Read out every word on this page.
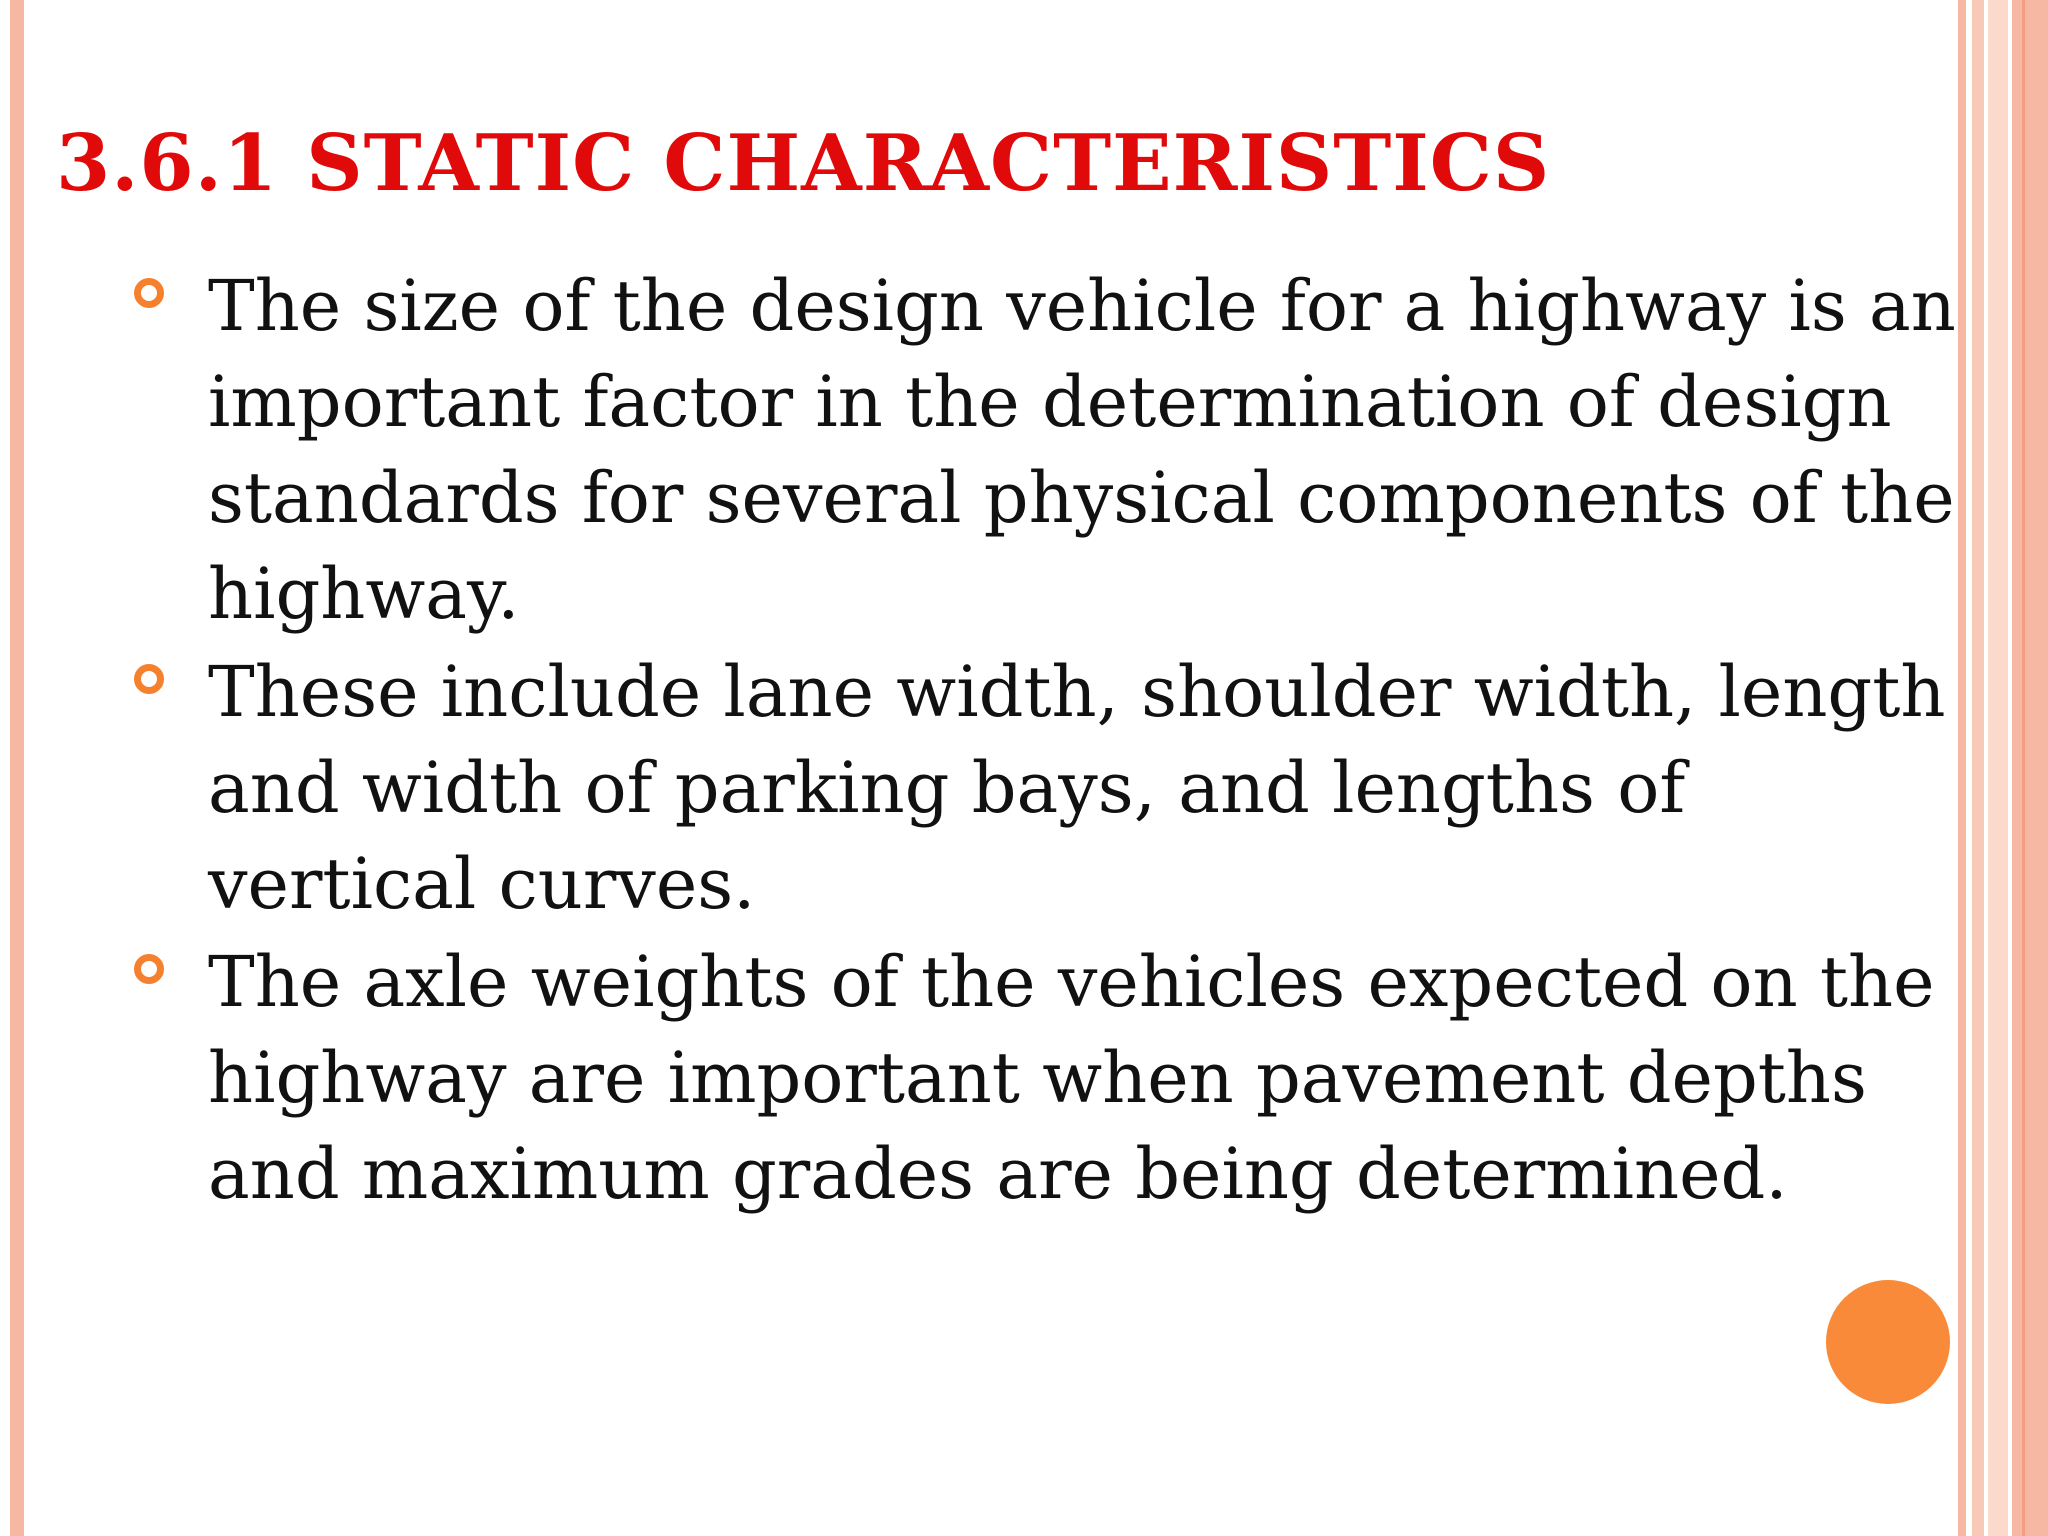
3.6.1 STATIC CHARACTERISTICS
The size of the design vehicle for a highway is an important factor in the determination of design standards for several physical components of the highway.
These include lane width, shoulder width, length and width of parking bays, and lengths of vertical curves.
The axle weights of the vehicles expected on the highway are important when pavement depths and maximum grades are being determined.
